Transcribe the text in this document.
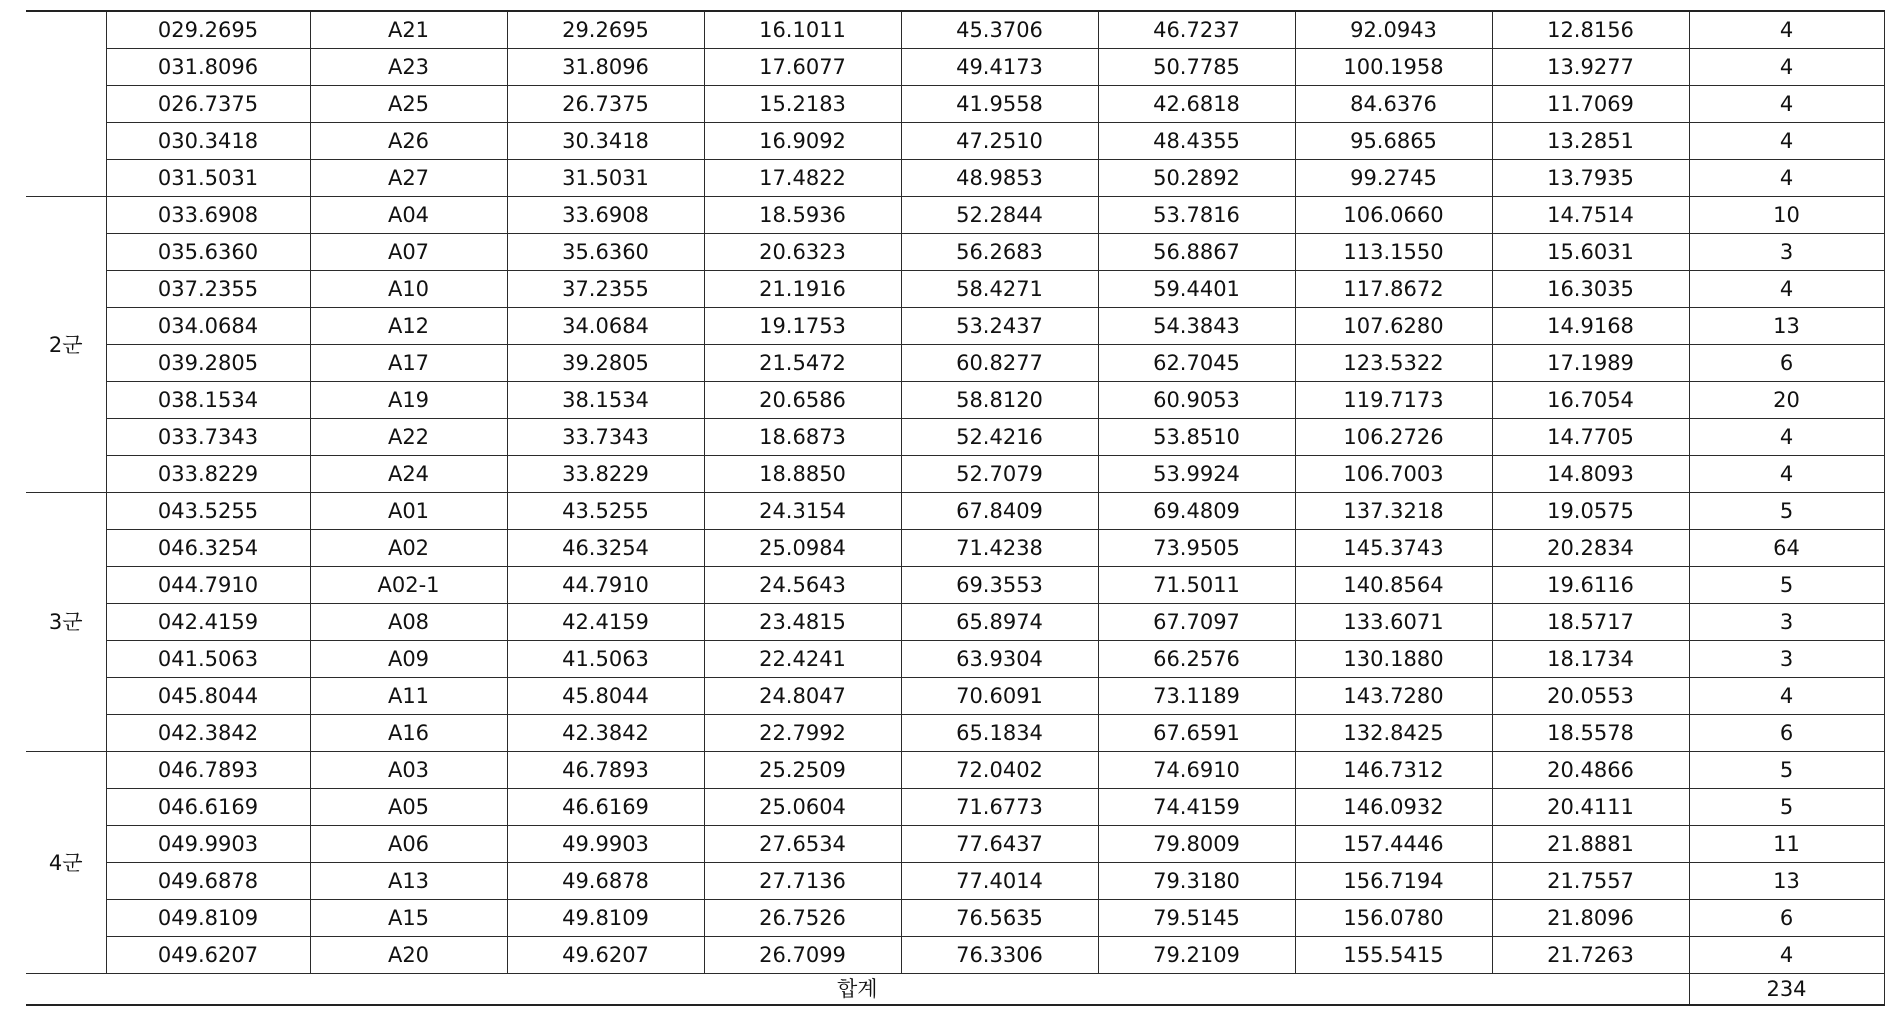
	029.2695	A21	29.2695	16.1011	45.3706	46.7237	92.0943	12.8156	4
	031.8096	A23	31.8096	17.6077	49.4173	50.7785	100.1958	13.9277	4
	026.7375	A25	26.7375	15.2183	41.9558	42.6818	84.6376	11.7069	4
	030.3418	A26	30.3418	16.9092	47.2510	48.4355	95.6865	13.2851	4
	031.5031	A27	31.5031	17.4822	48.9853	50.2892	99.2745	13.7935	4
2군	033.6908	A04	33.6908	18.5936	52.2844	53.7816	106.0660	14.7514	10
	035.6360	A07	35.6360	20.6323	56.2683	56.8867	113.1550	15.6031	3
	037.2355	A10	37.2355	21.1916	58.4271	59.4401	117.8672	16.3035	4
	034.0684	A12	34.0684	19.1753	53.2437	54.3843	107.6280	14.9168	13
	039.2805	A17	39.2805	21.5472	60.8277	62.7045	123.5322	17.1989	6
	038.1534	A19	38.1534	20.6586	58.8120	60.9053	119.7173	16.7054	20
	033.7343	A22	33.7343	18.6873	52.4216	53.8510	106.2726	14.7705	4
	033.8229	A24	33.8229	18.8850	52.7079	53.9924	106.7003	14.8093	4
3군	043.5255	A01	43.5255	24.3154	67.8409	69.4809	137.3218	19.0575	5
	046.3254	A02	46.3254	25.0984	71.4238	73.9505	145.3743	20.2834	64
	044.7910	A02-1	44.7910	24.5643	69.3553	71.5011	140.8564	19.6116	5
	042.4159	A08	42.4159	23.4815	65.8974	67.7097	133.6071	18.5717	3
	041.5063	A09	41.5063	22.4241	63.9304	66.2576	130.1880	18.1734	3
	045.8044	A11	45.8044	24.8047	70.6091	73.1189	143.7280	20.0553	4
	042.3842	A16	42.3842	22.7992	65.1834	67.6591	132.8425	18.5578	6
4군	046.7893	A03	46.7893	25.2509	72.0402	74.6910	146.7312	20.4866	5
	046.6169	A05	46.6169	25.0604	71.6773	74.4159	146.0932	20.4111	5
	049.9903	A06	49.9903	27.6534	77.6437	79.8009	157.4446	21.8881	11
	049.6878	A13	49.6878	27.7136	77.4014	79.3180	156.7194	21.7557	13
	049.8109	A15	49.8109	26.7526	76.5635	79.5145	156.0780	21.8096	6
	049.6207	A20	49.6207	26.7099	76.3306	79.2109	155.5415	21.7263	4
합계									234
